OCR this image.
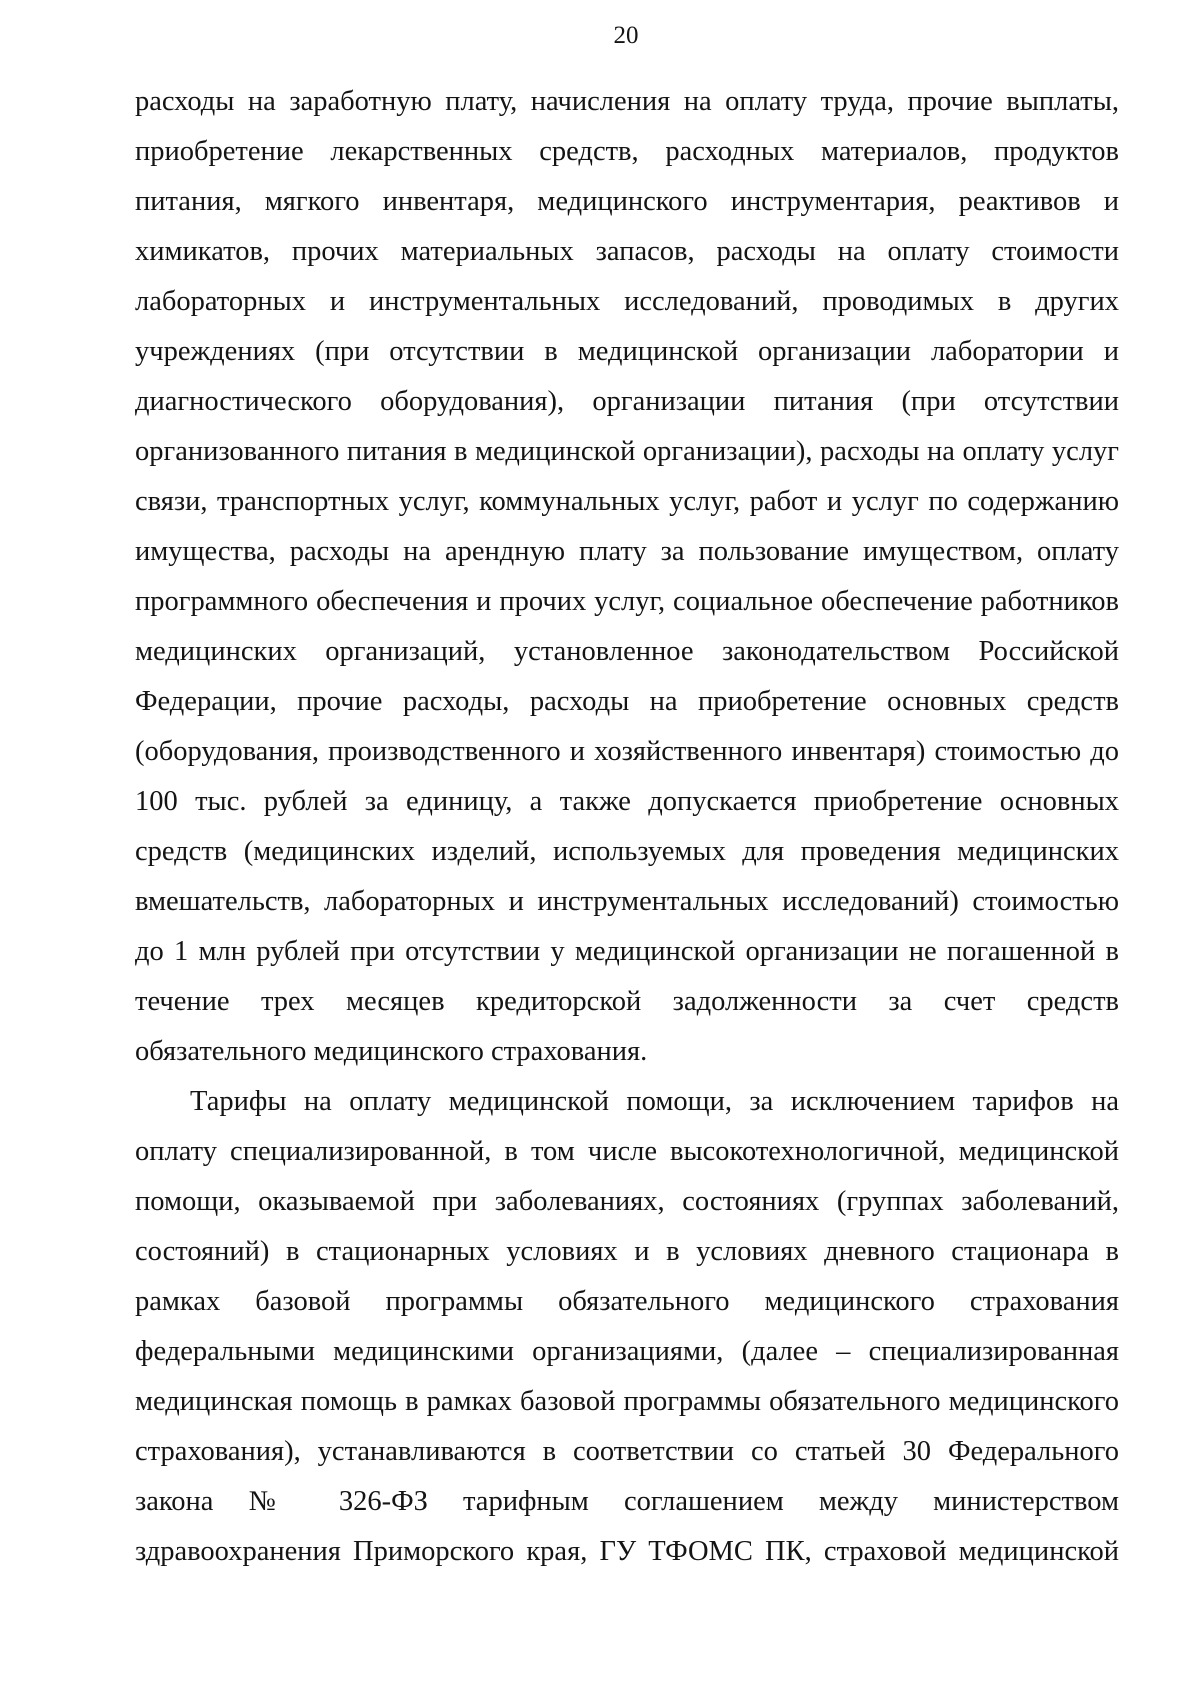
20
расходы на заработную плату, начисления на оплату труда, прочие выплаты,
приобретение лекарственных средств, расходных материалов, продуктов
питания, мягкого инвентаря, медицинского инструментария, реактивов и
химикатов, прочих материальных запасов, расходы на оплату стоимости
лабораторных и инструментальных исследований, проводимых в других
учреждениях (при отсутствии в медицинской организации лаборатории и
диагностического оборудования), организации питания (при отсутствии
организованного питания в медицинской организации), расходы на оплату услуг
связи, транспортных услуг, коммунальных услуг, работ и услуг по содержанию
имущества, расходы на арендную плату за пользование имуществом, оплату
программного обеспечения и прочих услуг, социальное обеспечение работников
медицинских организаций, установленное законодательством Российской
Федерации, прочие расходы, расходы на приобретение основных средств
(оборудования, производственного и хозяйственного инвентаря) стоимостью до
100 тыс. рублей за единицу, а также допускается приобретение основных
средств (медицинских изделий, используемых для проведения медицинских
вмешательств, лабораторных и инструментальных исследований) стоимостью
до 1 млн рублей при отсутствии у медицинской организации не погашенной в
течение трех месяцев кредиторской задолженности за счет средств
обязательного медицинского страхования.
Тарифы на оплату медицинской помощи, за исключением тарифов на
оплату специализированной, в том числе высокотехнологичной, медицинской
помощи, оказываемой при заболеваниях, состояниях (группах заболеваний,
состояний) в стационарных условиях и в условиях дневного стационара в
рамках базовой программы обязательного медицинского страхования
федеральными медицинскими организациями, (далее – специализированная
медицинская помощь в рамках базовой программы обязательного медицинского
страхования), устанавливаются в соответствии со статьей 30 Федерального
закона № 326-ФЗ тарифным соглашением между министерством
здравоохранения Приморского края, ГУ ТФОМС ПК, страховой медицинской
